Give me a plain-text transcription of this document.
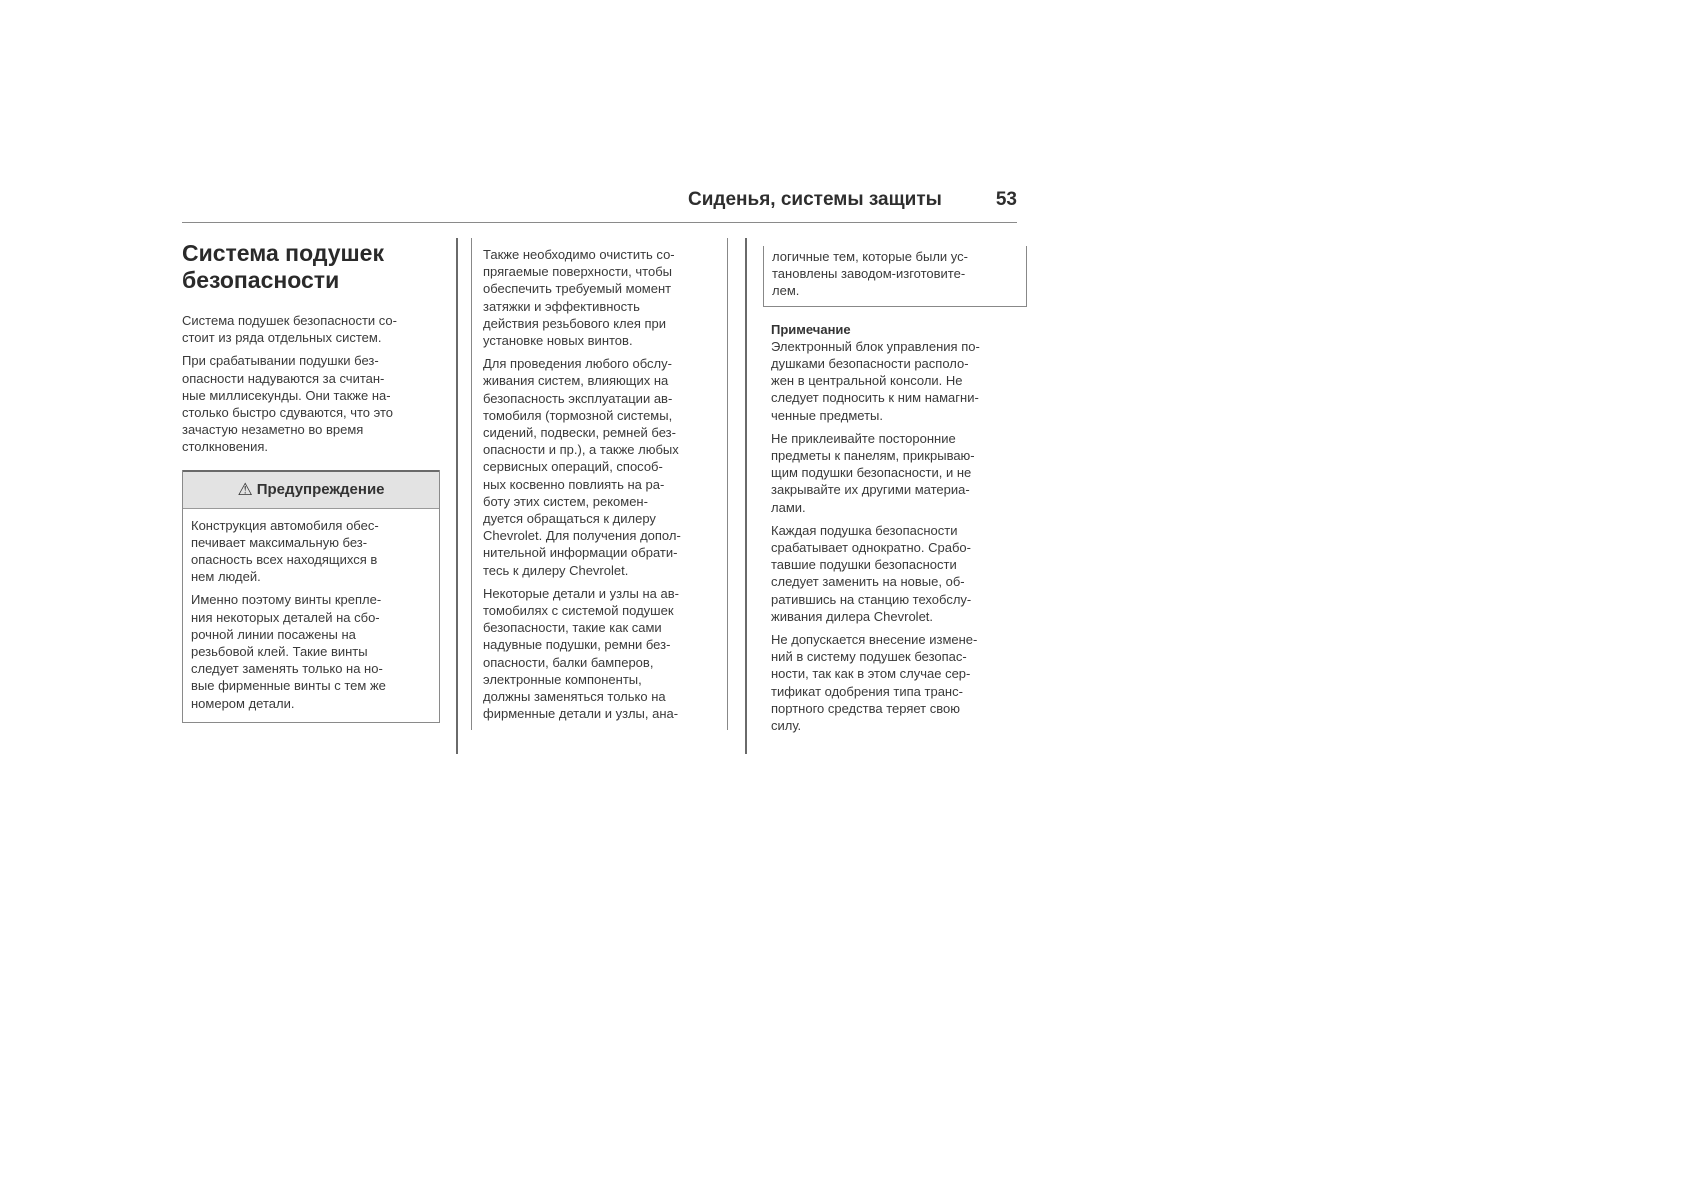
Сиденья, системы защиты	53
Система подушек
безопасности

Система подушек безопасности со-
стоит из ряда отдельных систем.

При срабатывании подушки без-
опасности надуваются за считан-
ные миллисекунды. Они также на-
столько быстро сдуваются, что это
зачастую незаметно во время
столкновения.

⚠ Предупреждение

Конструкция автомобиля обес-
печивает максимальную без-
опасность всех находящихся в
нем людей.

Именно поэтому винты крепле-
ния некоторых деталей на сбо-
рочной линии посажены на
резьбовой клей. Такие винты
следует заменять только на но-
вые фирменные винты с тем же
номером детали.

Также необходимо очистить со-
прягаемые поверхности, чтобы
обеспечить требуемый момент
затяжки и эффективность
действия резьбового клея при
установке новых винтов.

Для проведения любого обслу-
живания систем, влияющих на
безопасность эксплуатации ав-
томобиля (тормозной системы,
сидений, подвески, ремней без-
опасности и пр.), а также любых
сервисных операций, способ-
ных косвенно повлиять на ра-
боту этих систем, рекомен-
дуется обращаться к дилеру
Chevrolet. Для получения допол-
нительной информации обрати-
тесь к дилеру Chevrolet.

Некоторые детали и узлы на ав-
томобилях с системой подушек
безопасности, такие как сами
надувные подушки, ремни без-
опасности, балки бамперов,
электронные компоненты,
должны заменяться только на
фирменные детали и узлы, ана-

логичные тем, которые были ус-
тановлены заводом-изготовите-
лем.
Примечание

Электронный блок управления по-
душками безопасности располо-
жен в центральной консоли. Не
следует подносить к ним намагни-
ченные предметы.

Не приклеивайте посторонние
предметы к панелям, прикрываю-
щим подушки безопасности, и не
закрывайте их другими материа-
лами.

Каждая подушка безопасности
срабатывает однократно. Срабо-
тавшие подушки безопасности
следует заменить на новые, об-
ратившись на станцию техобслу-
живания дилера Chevrolet.

Не допускается внесение измене-
ний в систему подушек безопас-
ности, так как в этом случае сер-
тификат одобрения типа транс-
портного средства теряет свою
силу.
